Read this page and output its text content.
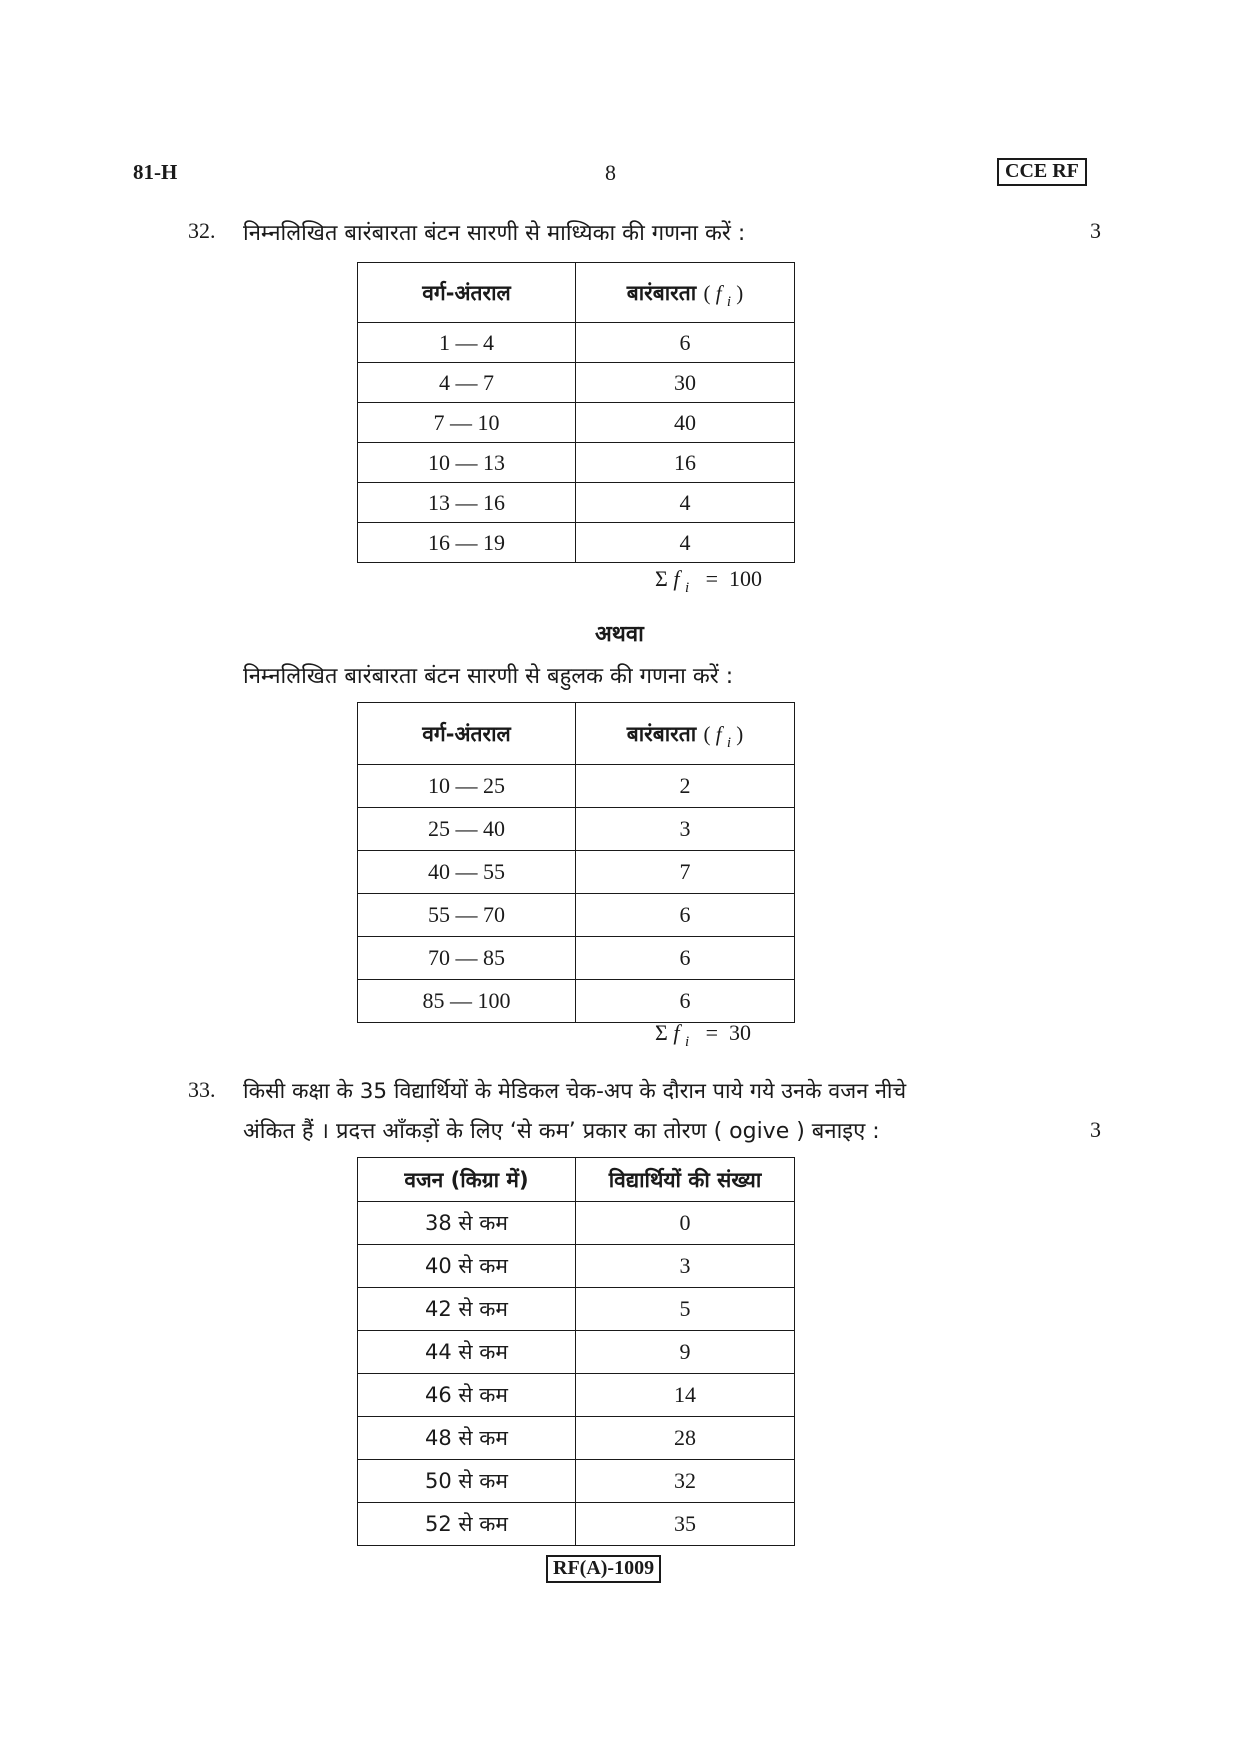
81-H	8	CCE RF
32. निम्नलिखित बारंबारता बंटन सारणी से माध्यिका की गणना करें :	3
वर्ग-अंतराल	बारंबारता ( f $_i$ )
1 — 4	6
4 — 7	30
7 — 10	40
10 — 13	16
13 — 16	4
16 — 19	4
Σ f $_i$   =  100
अथवा
निम्नलिखित बारंबारता बंटन सारणी से बहुलक की गणना करें :
वर्ग-अंतराल	बारंबारता ( f $_i$ )
10 — 25	2
25 — 40	3
40 — 55	7
55 — 70	6
70 — 85	6
85 — 100	6
Σ f $_i$   =  30
33. किसी कक्षा के 35 विद्यार्थियों के मेडिकल चेक-अप के दौरान पाये गये उनके वजन नीचे
अंकित हैं । प्रदत्त आँकड़ों के लिए ‘से कम’ प्रकार का तोरण ( ogive ) बनाइए :	3
वजन (किग्रा में)	विद्यार्थियों की संख्या
38 से कम	0
40 से कम	3
42 से कम	5
44 से कम	9
46 से कम	14
48 से कम	28
50 से कम	32
52 से कम	35
RF(A)-1009
